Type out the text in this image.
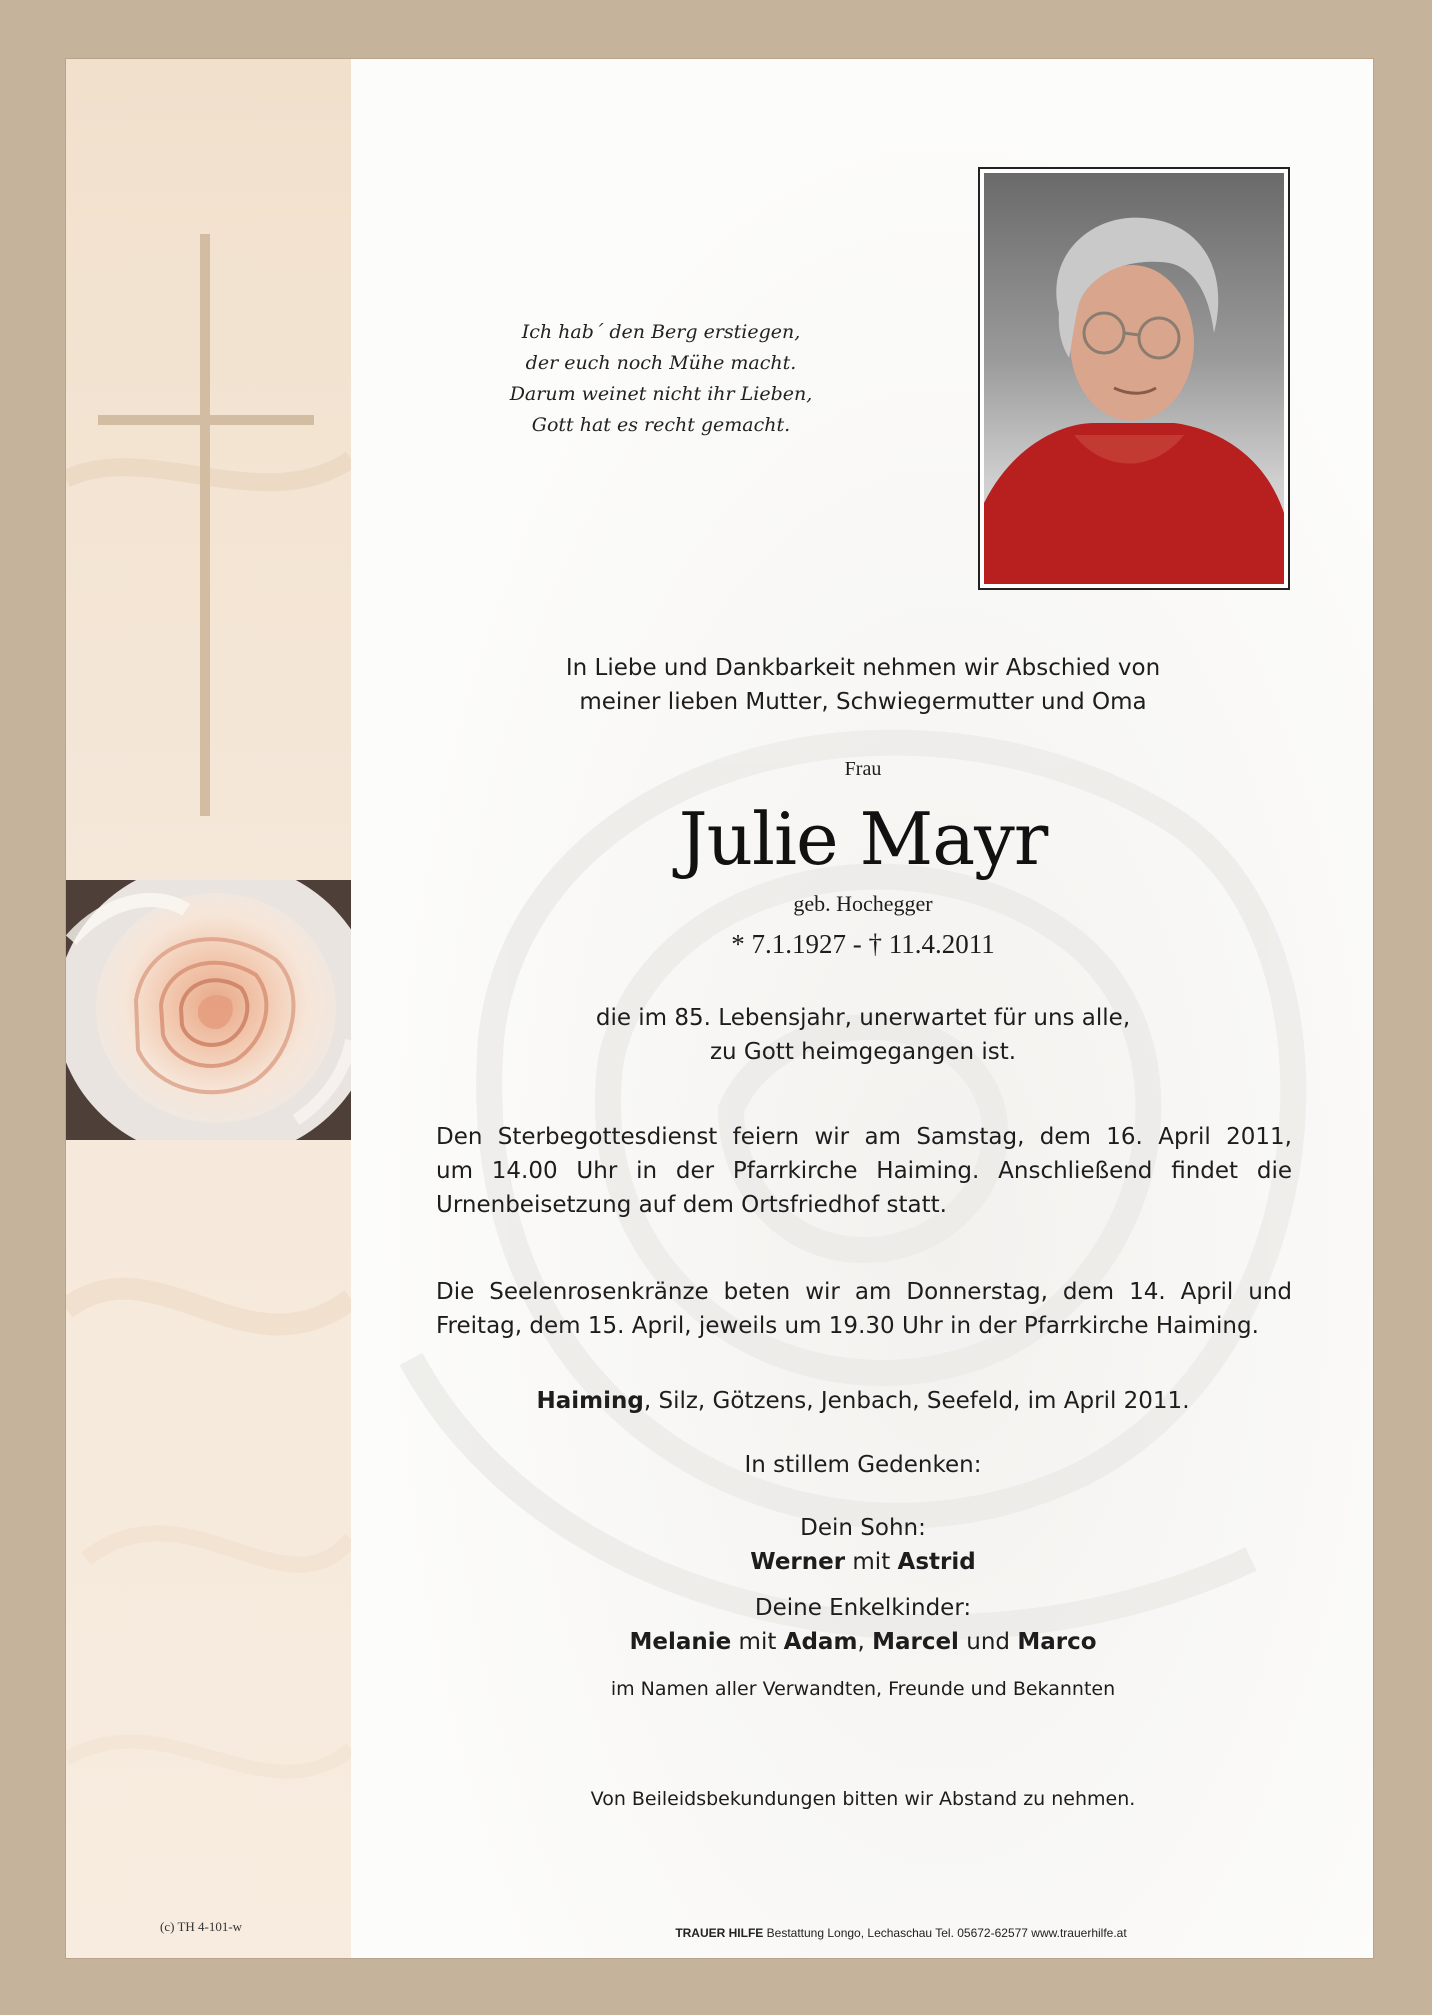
(c) TH 4-101-w
Ich hab´ den Berg erstiegen,
der euch noch Mühe macht.
Darum weinet nicht ihr Lieben,
Gott hat es recht gemacht.
In Liebe und Dankbarkeit nehmen wir Abschied von
meiner lieben Mutter, Schwiegermutter und Oma
Frau
Julie Mayr
geb. Hochegger
* 7.1.1927 - † 11.4.2011
die im 85. Lebensjahr, unerwartet für uns alle,
zu Gott heimgegangen ist.
Den Sterbegottesdienst feiern wir am Samstag, dem 16. April 2011,
um 14.00 Uhr in der Pfarrkirche Haiming. Anschließend findet die
Urnenbeisetzung auf dem Ortsfriedhof statt.
Die Seelenrosenkränze beten wir am Donnerstag, dem 14. April und
Freitag, dem 15. April, jeweils um 19.30 Uhr in der Pfarrkirche Haiming.
Haiming, Silz, Götzens, Jenbach, Seefeld, im April 2011.
In stillem Gedenken:
Dein Sohn:
Werner mit Astrid
Deine Enkelkinder:
Melanie mit Adam, Marcel und Marco
im Namen aller Verwandten, Freunde und Bekannten
Von Beileidsbekundungen bitten wir Abstand zu nehmen.
TRAUER HILFE Bestattung Longo, Lechaschau Tel. 05672-62577 www.trauerhilfe.at
